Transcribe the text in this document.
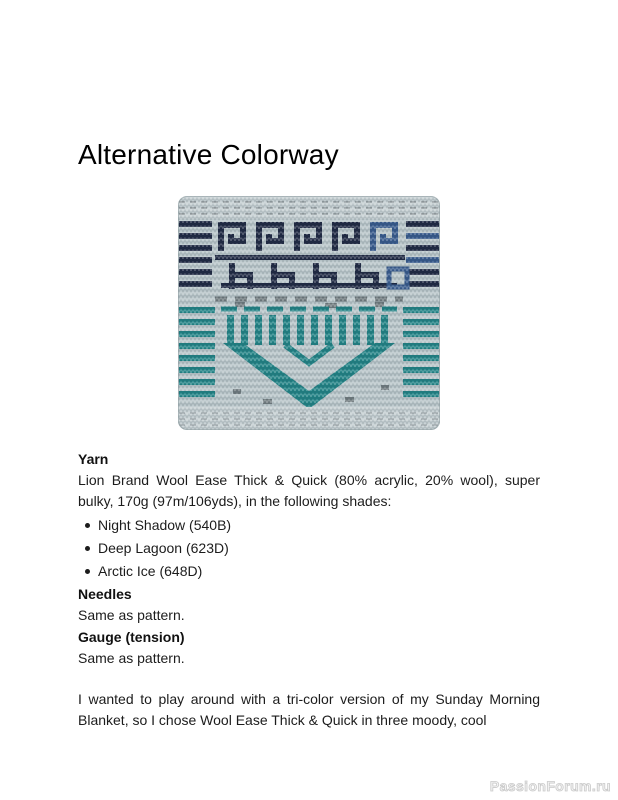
Alternative Colorway
Yarn

Lion Brand Wool Ease Thick & Quick (80% acrylic, 20% wool), super bulky, 170g (97m/106yds), in the following shades:

Night Shadow (540B)
Deep Lagoon (623D)
Arctic Ice (648D)
Needles

Same as pattern.

Gauge (tension)

Same as pattern.

I wanted to play around with a tri-color version of my Sunday Morning Blanket, so I chose Wool Ease Thick & Quick in three moody, cool

PassionForum.ru
